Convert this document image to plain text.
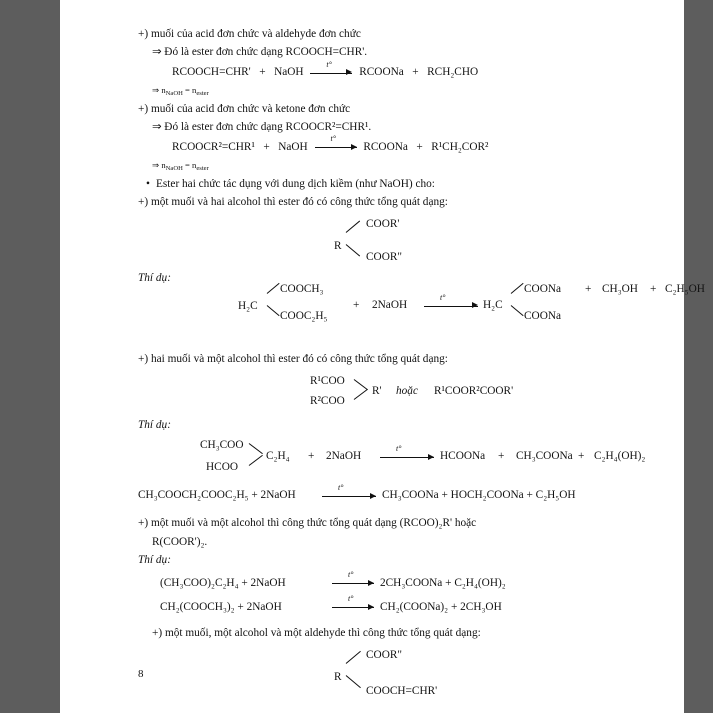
+) muối của acid đơn chức và aldehyde đơn chức
⇒ Đó là ester đơn chức dạng RCOOCH=CHR'.
RCOOCH=CHR' + NaOH
t°
RCOONa + RCH₂CHO
⇒ $n_{NaOH} = n_{ester}$
+) muối của acid đơn chức và ketone đơn chức
⇒ Đó là ester đơn chức dạng RCOOCR²=CHR¹.
RCOOCR²=CHR¹ + NaOH
t°
RCOONa + R¹CH₂COR²
⇒ $n_{NaOH} = n_{ester}$
• Ester hai chức tác dụng với dung dịch kiềm (như NaOH) cho:
+) một muối và hai alcohol thì ester đó có công thức tổng quát dạng:
COOR'
R
COOR"
Thí dụ:
H₂C
COOCH₃
COOC₂H₅
+ 2NaOH
t°
H₂C
COONa
COONa
+ CH₃OH + C₂H₅OH
+) hai muối và một alcohol thì ester đó có công thức tổng quát dạng:
R¹COO
R²COO
R' hoặc R¹COOR²COOR'
Thí dụ:
CH₃COO
HCOO
C₂H₄ + 2NaOH
t°
HCOONa + CH₃COONa + C₂H₄(OH)₂
CH₃COOCH₂COOC₂H₅ + 2NaOH
t°
CH₃COONa + HOCH₂COONa + C₂H₅OH
+) một muối và một alcohol thì công thức tổng quát dạng (RCOO)₂R' hoặc
R(COOR')₂.
Thí dụ:
(CH₃COO)₂C₂H₄ + 2NaOH
t°
2CH₃COONa + C₂H₄(OH)₂
CH₂(COOCH₃)₂ + 2NaOH
t°
CH₂(COONa)₂ + 2CH₃OH
+) một muối, một alcohol và một aldehyde thì công thức tổng quát dạng:
COOR"
R
COOCH=CHR'
8
